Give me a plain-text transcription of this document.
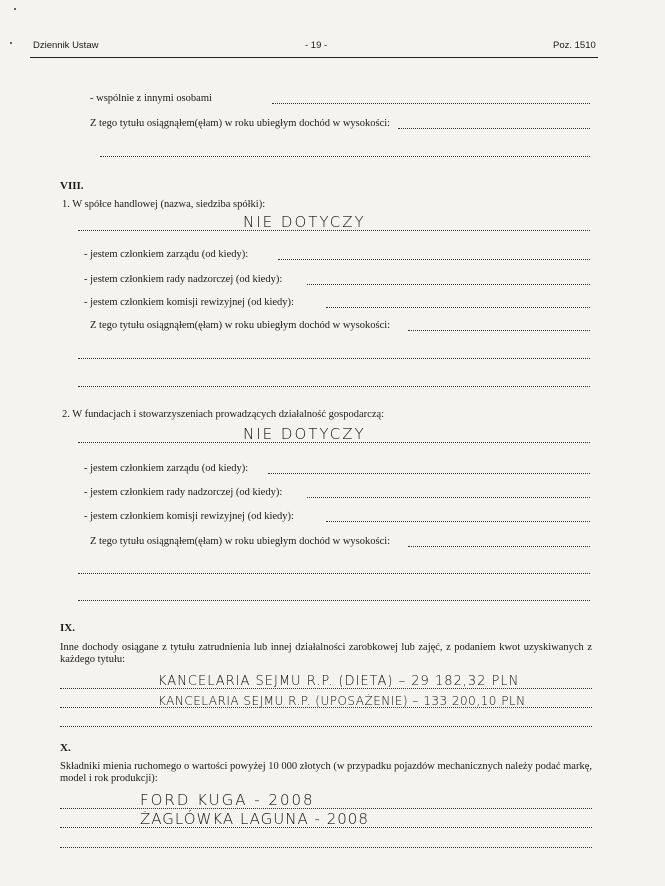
Dziennik Ustaw	- 19 -	Poz. 1510
- wspólnie z innymi osobami
Z tego tytułu osiągnąłem(ęłam) w roku ubiegłym dochód w wysokości:
VIII.
1. W spółce handlowej (nazwa, siedziba spółki):
NIE DOTYCZY
- jestem członkiem zarządu (od kiedy):
- jestem członkiem rady nadzorczej (od kiedy):
- jestem członkiem komisji rewizyjnej (od kiedy):
Z tego tytułu osiągnąłem(ęłam) w roku ubiegłym dochód w wysokości:
2. W fundacjach i stowarzyszeniach prowadzących działalność gospodarczą:
NIE DOTYCZY
- jestem członkiem zarządu (od kiedy):
- jestem członkiem rady nadzorczej (od kiedy):
- jestem członkiem komisji rewizyjnej (od kiedy):
Z tego tytułu osiągnąłem(ęłam) w roku ubiegłym dochód w wysokości:
IX.
Inne dochody osiągane z tytułu zatrudnienia lub innej działalności zarobkowej lub zajęć, z podaniem kwot uzyskiwanych z każdego tytułu:
KANCELARIA SEJMU R.P. (DIETA) – 29 182,32 PLN
KANCELARIA SEJMU R.P. (UPOSAŻENIE) – 133 200,10 PLN
X.
Składniki mienia ruchomego o wartości powyżej 10 000 złotych (w przypadku pojazdów mechanicznych należy podać markę, model i rok produkcji):
FORD KUGA - 2008
ŻAGLÓWKA LAGUNA - 2008
